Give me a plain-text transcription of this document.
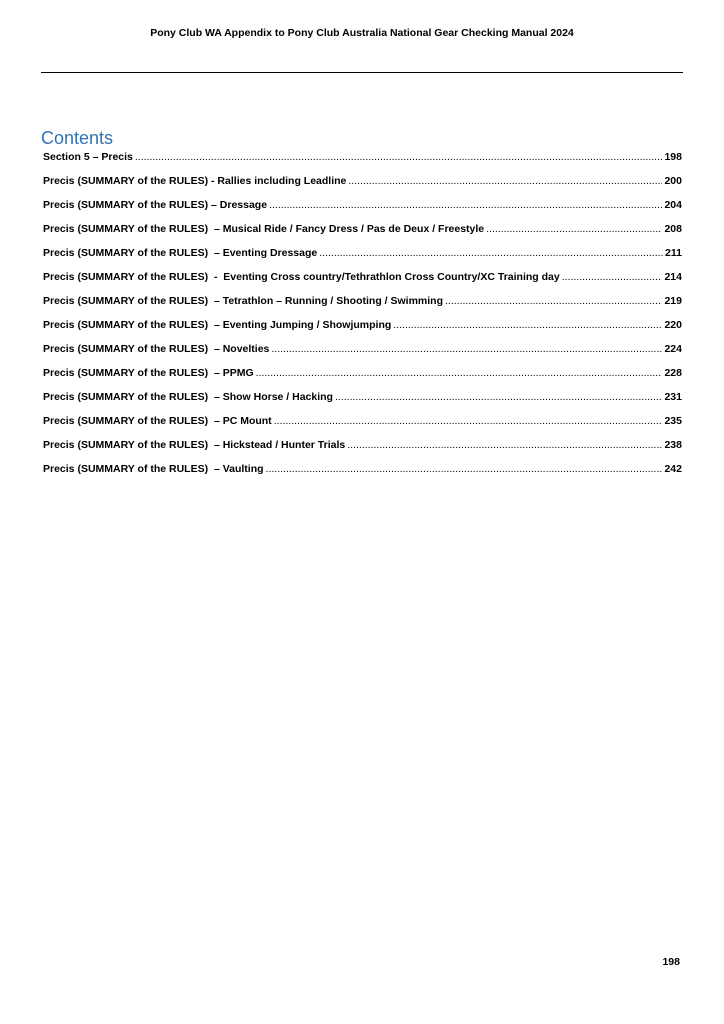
Pony Club WA Appendix to Pony Club Australia National Gear Checking Manual 2024
Contents
Section 5 – Precis .....	198
Precis (SUMMARY of the RULES) - Rallies including Leadline .....	200
Precis (SUMMARY of the RULES) – Dressage .....	204
Precis (SUMMARY of the RULES)  – Musical Ride / Fancy Dress / Pas de Deux / Freestyle .....	208
Precis (SUMMARY of the RULES)  – Eventing Dressage .....	211
Precis (SUMMARY of the RULES)  -  Eventing Cross country/Tethrathlon Cross Country/XC Training day .....	214
Precis (SUMMARY of the RULES)  – Tetrathlon – Running / Shooting / Swimming .....	219
Precis (SUMMARY of the RULES)  – Eventing Jumping / Showjumping .....	220
Precis (SUMMARY of the RULES)  – Novelties .....	224
Precis (SUMMARY of the RULES)  – PPMG .....	228
Precis (SUMMARY of the RULES)  – Show Horse / Hacking .....	231
Precis (SUMMARY of the RULES)  – PC Mount .....	235
Precis (SUMMARY of the RULES)  – Hickstead / Hunter Trials .....	238
Precis (SUMMARY of the RULES)  – Vaulting .....	242
198
